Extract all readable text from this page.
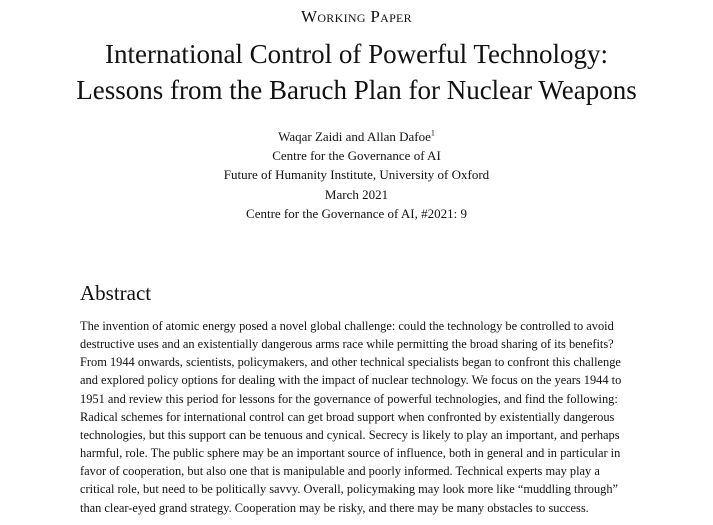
Working Paper
International Control of Powerful Technology:
Lessons from the Baruch Plan for Nuclear Weapons
Waqar Zaidi and Allan Dafoe$^1$
Centre for the Governance of AI
Future of Humanity Institute, University of Oxford
March 2021
Centre for the Governance of AI, #2021: 9
Abstract
The invention of atomic energy posed a novel global challenge: could the technology be controlled to avoid
destructive uses and an existentially dangerous arms race while permitting the broad sharing of its benefits?
From 1944 onwards, scientists, policymakers, and other technical specialists began to confront this challenge
and explored policy options for dealing with the impact of nuclear technology. We focus on the years 1944 to
1951 and review this period for lessons for the governance of powerful technologies, and find the following:
Radical schemes for international control can get broad support when confronted by existentially dangerous
technologies, but this support can be tenuous and cynical. Secrecy is likely to play an important, and perhaps
harmful, role. The public sphere may be an important source of influence, both in general and in particular in
favor of cooperation, but also one that is manipulable and poorly informed. Technical experts may play a
critical role, but need to be politically savvy. Overall, policymaking may look more like “muddling through”
than clear-eyed grand strategy. Cooperation may be risky, and there may be many obstacles to success.
